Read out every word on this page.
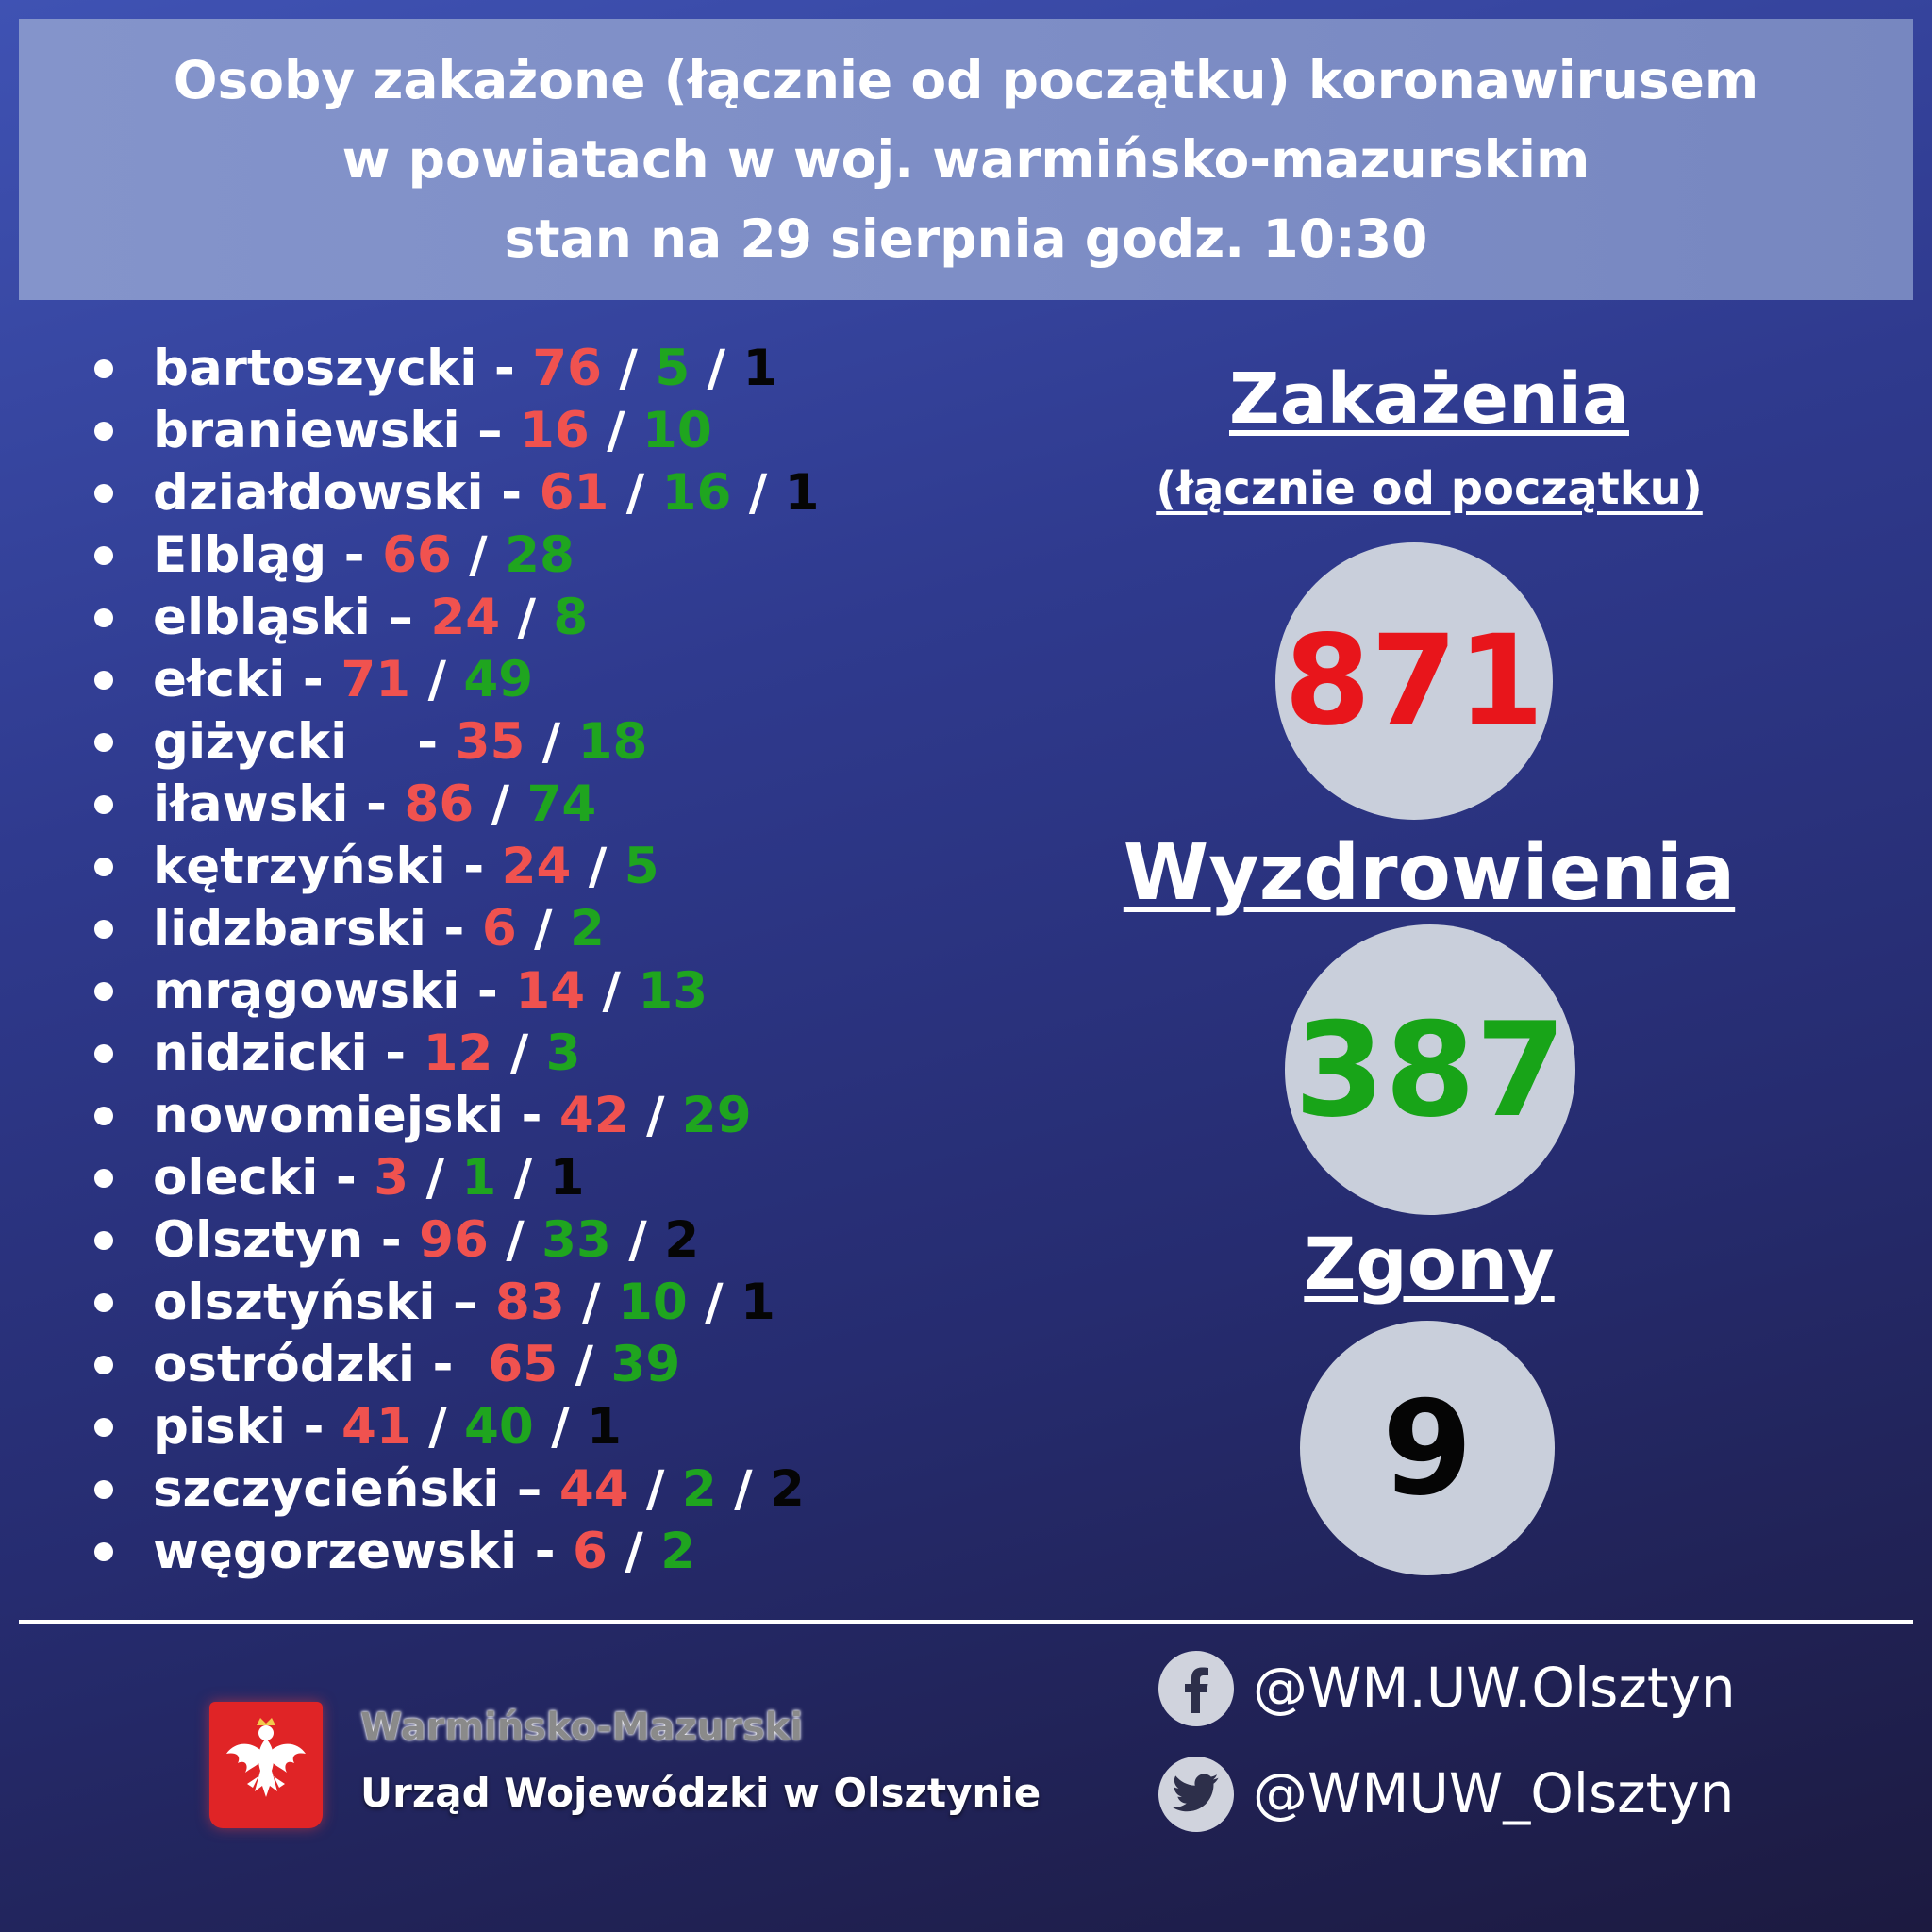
Osoby zakażone (łącznie od początku) koronawirusem
w powiatach w woj. warmińsko-mazurskim
stan na 29 sierpnia godz. 10:30
bartoszycki - 76 / 5 / 1
braniewski – 16 / 10
działdowski - 61 / 16 / 1
Elbląg - 66 / 28
elbląski – 24 / 8
ełcki - 71 / 49
giżycki    - 35 / 18
iławski - 86 / 74
kętrzyński - 24 / 5
lidzbarski - 6 / 2
mrągowski - 14 / 13
nidzicki - 12 / 3
nowomiejski - 42 / 29
olecki - 3 / 1 / 1
Olsztyn - 96 / 33 / 2
olsztyński – 83 / 10 / 1
ostródzki -  65 / 39
piski - 41 / 40 / 1
szczycieński – 44 / 2 / 2
węgorzewski - 6 / 2
Zakażenia
(łącznie od początku)
871
Wyzdrowienia
387
Zgony
9
Warmińsko-Mazurski
Urząd Wojewódzki w Olsztynie
@WM.UW.Olsztyn
@WMUW_Olsztyn
